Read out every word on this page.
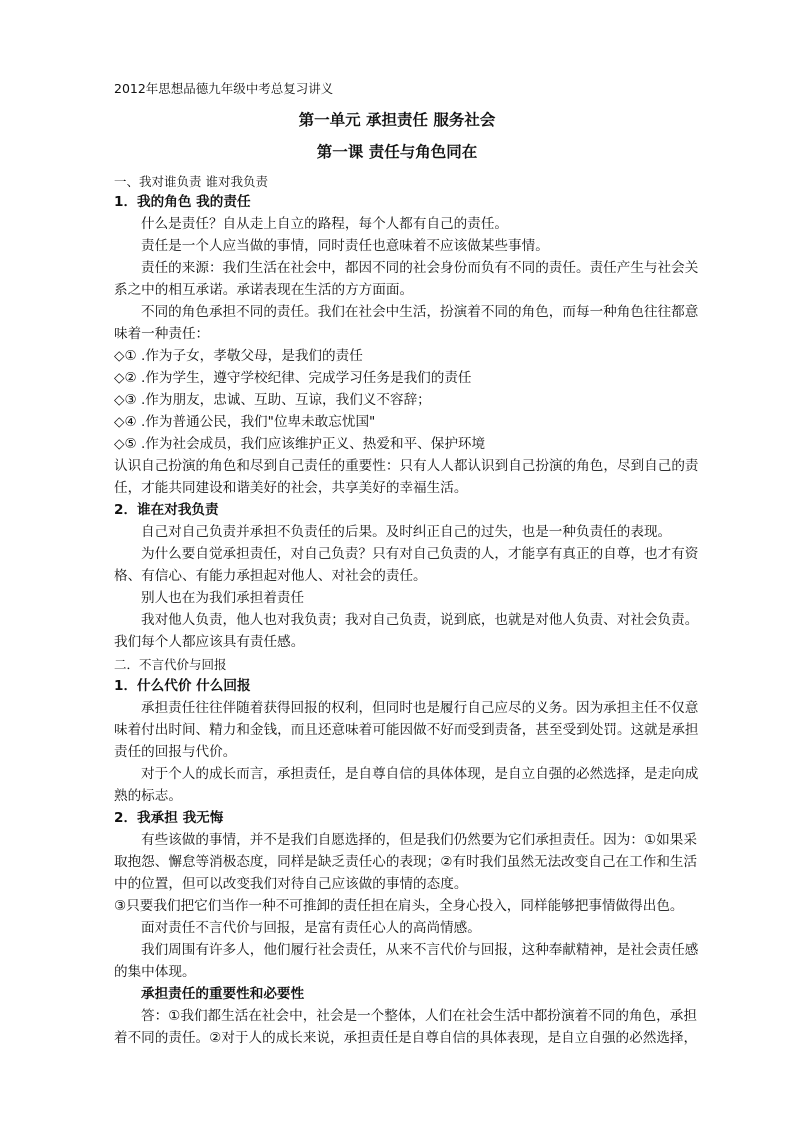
2012年思想品德九年级中考总复习讲义
第一单元 承担责任 服务社会
第一课 责任与角色同在
一、我对谁负责 谁对我负责
1．我的角色 我的责任
什么是责任？自从走上自立的路程，每个人都有自己的责任。
责任是一个人应当做的事情，同时责任也意味着不应该做某些事情。
责任的来源：我们生活在社会中，都因不同的社会身份而负有不同的责任。责任产生与社会关
系之中的相互承诺。承诺表现在生活的方方面面。
不同的角色承担不同的责任。我们在社会中生活，扮演着不同的角色，而每一种角色往往都意
味着一种责任：
◇① .作为子女，孝敬父母，是我们的责任
◇② .作为学生，遵守学校纪律、完成学习任务是我们的责任
◇③ .作为朋友，忠诚、互助、互谅，我们义不容辞；
◇④ .作为普通公民，我们"位卑未敢忘忧国"
◇⑤ .作为社会成员，我们应该维护正义、热爱和平、保护环境
认识自己扮演的角色和尽到自己责任的重要性：只有人人都认识到自己扮演的角色，尽到自己的责
任，才能共同建设和谐美好的社会，共享美好的幸福生活。
2．谁在对我负责
自己对自己负责并承担不负责任的后果。及时纠正自己的过失，也是一种负责任的表现。
为什么要自觉承担责任，对自己负责？只有对自己负责的人，才能享有真正的自尊，也才有资
格、有信心、有能力承担起对他人、对社会的责任。
别人也在为我们承担着责任
我对他人负责，他人也对我负责；我对自己负责，说到底，也就是对他人负责、对社会负责。
我们每个人都应该具有责任感。
二．不言代价与回报
1．什么代价 什么回报
承担责任往往伴随着获得回报的权利，但同时也是履行自己应尽的义务。因为承担主任不仅意
味着付出时间、精力和金钱，而且还意味着可能因做不好而受到责备，甚至受到处罚。这就是承担
责任的回报与代价。
对于个人的成长而言，承担责任，是自尊自信的具体体现，是自立自强的必然选择，是走向成
熟的标志。
2．我承担 我无悔
有些该做的事情，并不是我们自愿选择的，但是我们仍然要为它们承担责任。因为：①如果采
取抱怨、懈怠等消极态度，同样是缺乏责任心的表现；②有时我们虽然无法改变自己在工作和生活
中的位置，但可以改变我们对待自己应该做的事情的态度。
③只要我们把它们当作一种不可推卸的责任担在肩头，全身心投入，同样能够把事情做得出色。
面对责任不言代价与回报，是富有责任心人的高尚情感。
我们周围有许多人，他们履行社会责任，从来不言代价与回报，这种奉献精神，是社会责任感
的集中体现。
承担责任的重要性和必要性
答：①我们都生活在社会中，社会是一个整体，人们在社会生活中都扮演着不同的角色，承担
着不同的责任。②对于人的成长来说，承担责任是自尊自信的具体表现，是自立自强的必然选择，
